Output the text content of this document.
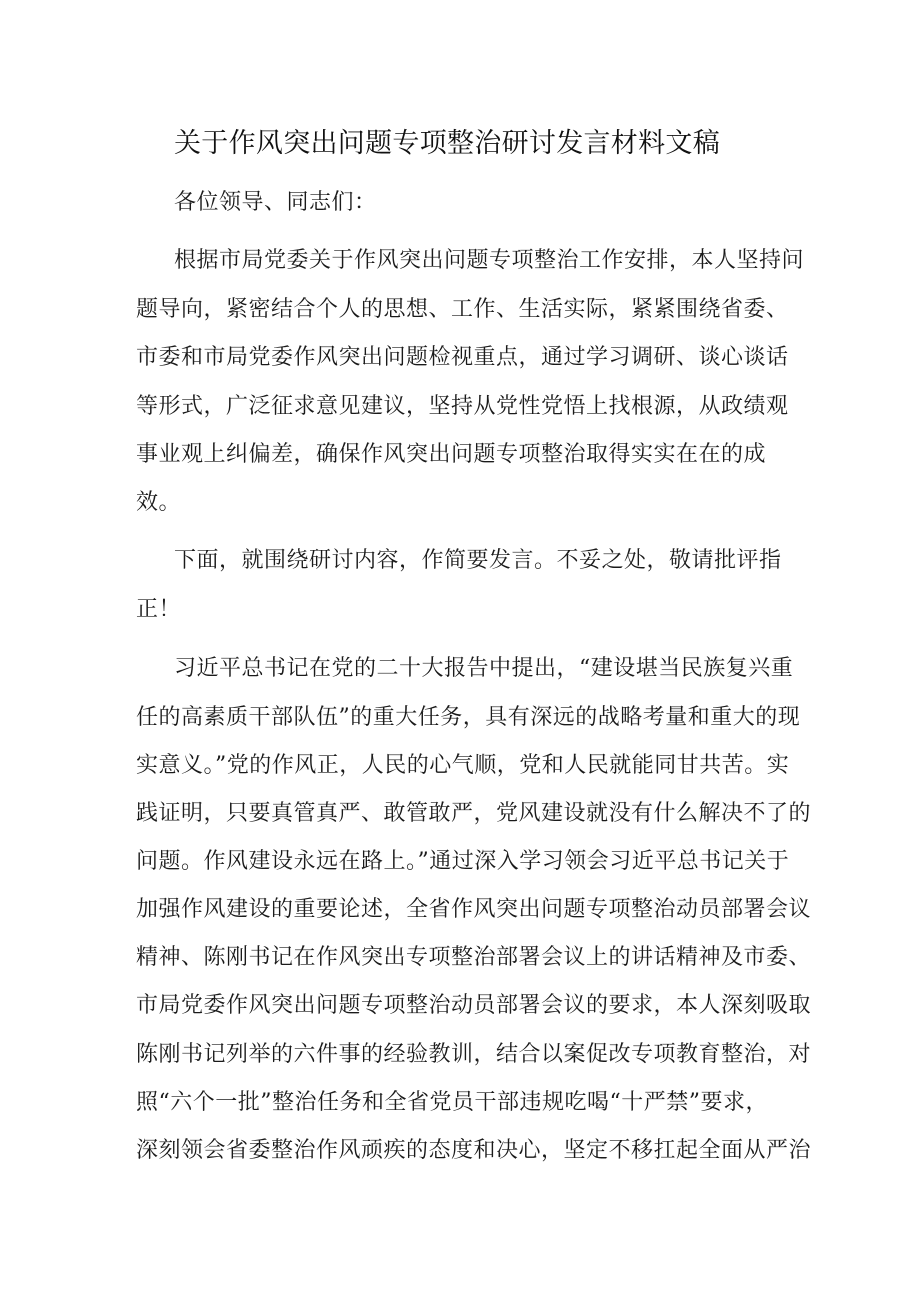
关于作风突出问题专项整治研讨发言材料文稿
各位领导、同志们：
根据市局党委关于作风突出问题专项整治工作安排，本人坚持问
题导向，紧密结合个人的思想、工作、生活实际，紧紧围绕省委、
市委和市局党委作风突出问题检视重点，通过学习调研、谈心谈话
等形式，广泛征求意见建议，坚持从党性党悟上找根源，从政绩观
事业观上纠偏差，确保作风突出问题专项整治取得实实在在的成
效。
下面，就围绕研讨内容，作简要发言。不妥之处，敬请批评指
正！
习近平总书记在党的二十大报告中提出，“建设堪当民族复兴重
任的高素质干部队伍”的重大任务，具有深远的战略考量和重大的现
实意义。”党的作风正，人民的心气顺，党和人民就能同甘共苦。实
践证明，只要真管真严、敢管敢严，党风建设就没有什么解决不了的
问题。作风建设永远在路上。”通过深入学习领会习近平总书记关于
加强作风建设的重要论述，全省作风突出问题专项整治动员部署会议
精神、陈刚书记在作风突出专项整治部署会议上的讲话精神及市委、
市局党委作风突出问题专项整治动员部署会议的要求，本人深刻吸取
陈刚书记列举的六件事的经验教训，结合以案促改专项教育整治，对
照“六个一批”整治任务和全省党员干部违规吃喝“十严禁”要求，
深刻领会省委整治作风顽疾的态度和决心，坚定不移扛起全面从严治
